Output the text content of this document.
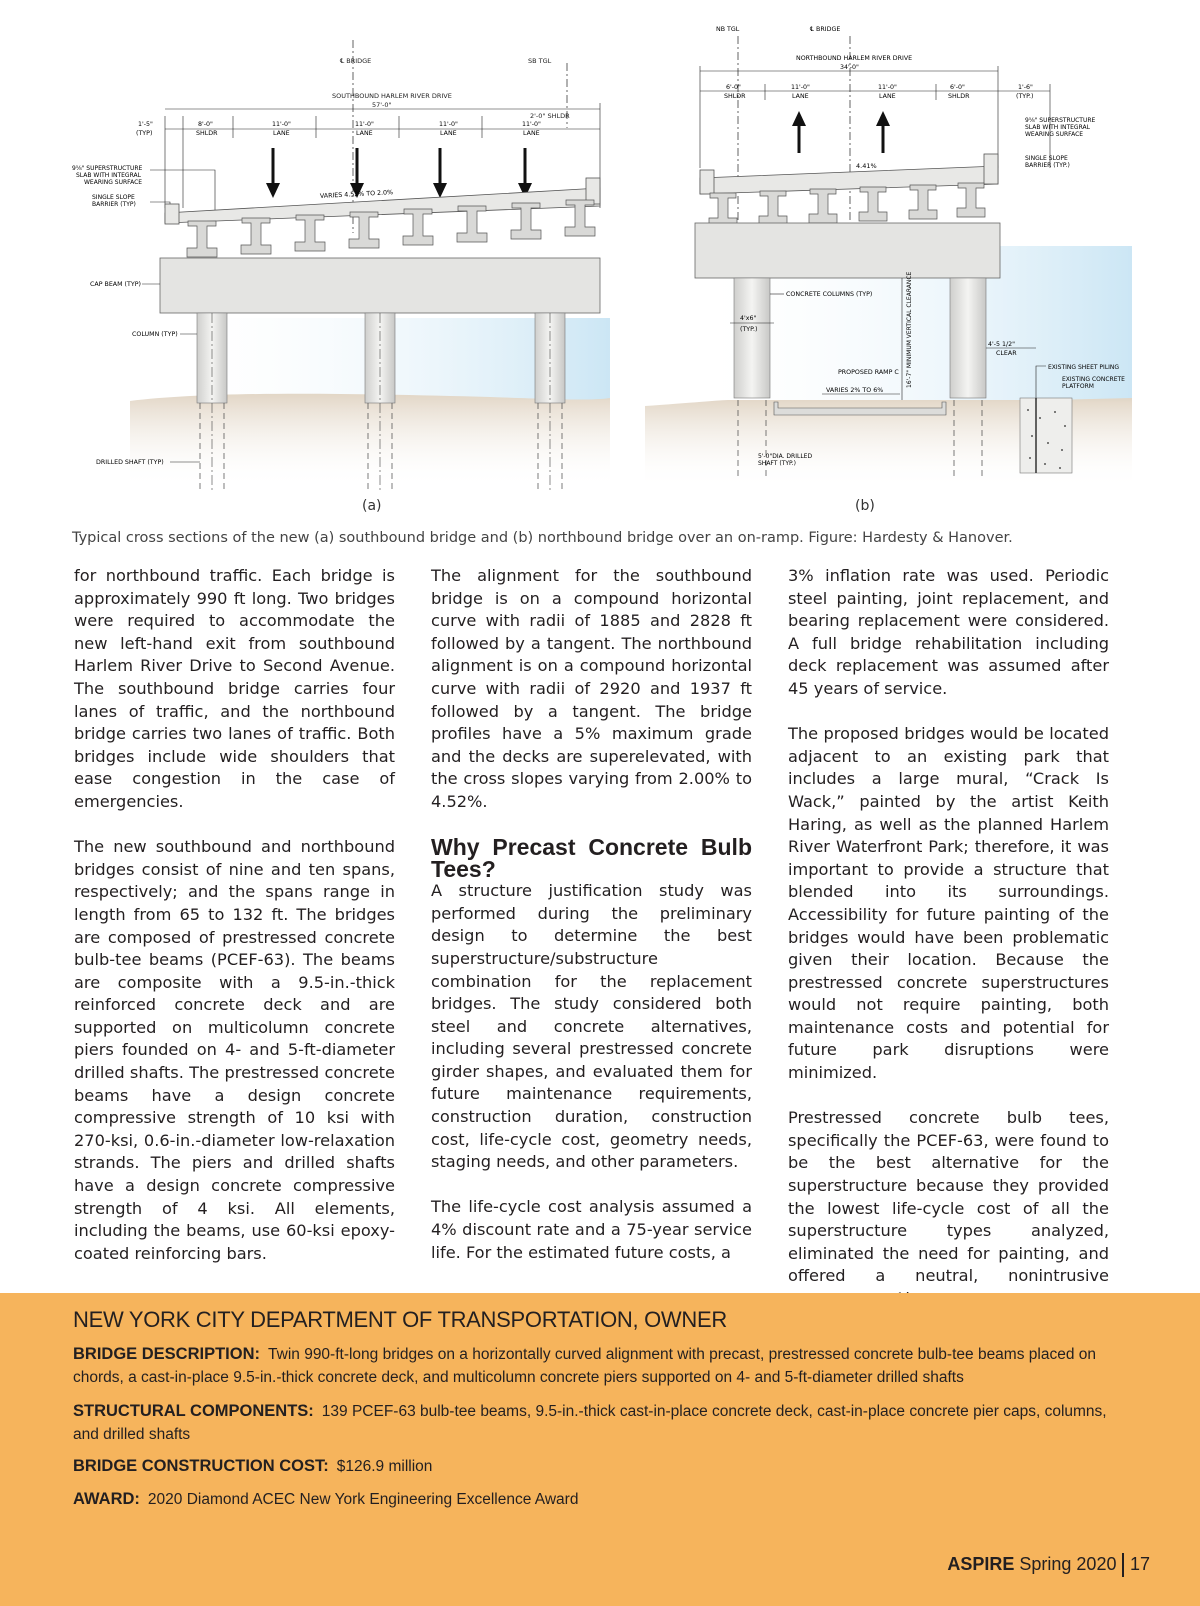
℄ BRIDGE	SB TGL
SOUTHBOUND HARLEM RIVER DRIVE
57'-0"
2'-0" SHLDR
1'-5"
(TYP)
8'-0"
SHLDR
11'-0"
LANE
11'-0"
LANE
11'-0"
LANE
11'-0"
LANE
9⅝" SUPERSTRUCTURE
SLAB WITH INTEGRAL
WEARING SURFACE
SINGLE SLOPE
BARRIER (TYP)
VARIES 4.52% TO 2.0%
CAP BEAM (TYP)
COLUMN (TYP)
DRILLED SHAFT (TYP)
NB TGL	℄ BRIDGE
NORTHBOUND HARLEM RIVER DRIVE
34'-0"
6'-0"
SHLDR
11'-0"
LANE
11'-0"
LANE
6'-0"
SHLDR
1'-6"
(TYP.)
4.41%
9⅝" SUPERSTRUCTURE
SLAB WITH INTEGRAL
WEARING SURFACE
SINGLE SLOPE
BARRIER (TYP.)
CONCRETE COLUMNS (TYP)
4'x6"
(TYP.)	16'-7" MINIMUM VERTICAL CLEARANCE	4'-5 1/2"
CLEAR
PROPOSED RAMP C
VARIES 2% TO 6%
EXISTING SHEET PILING
EXISTING CONCRETE
PLATFORM
5'-0"DIA. DRILLED
SHAFT (TYP.)
(a)	(b)
Typical cross sections of the new (a) southbound bridge and (b) northbound bridge over an on-ramp. Figure: Hardesty & Hanover.

for northbound traffic. Each bridge is approximately 990 ft long. Two bridges were required to accommodate the new left-hand exit from southbound Harlem River Drive to Second Avenue. The southbound bridge carries four lanes of traffic, and the northbound bridge carries two lanes of traffic. Both bridges include wide shoulders that ease congestion in the case of emergencies.

The new southbound and northbound bridges consist of nine and ten spans, respectively; and the spans range in length from 65 to 132 ft. The bridges are composed of prestressed concrete bulb-tee beams (PCEF-63). The beams are composite with a 9.5-in.-thick reinforced concrete deck and are supported on multicolumn concrete piers founded on 4- and 5-ft-diameter drilled shafts. The prestressed concrete beams have a design concrete compressive strength of 10 ksi with 270-ksi, 0.6-in.-diameter low-relaxation strands. The piers and drilled shafts have a design concrete compressive strength of 4 ksi. All elements, including the beams, use 60-ksi epoxy-coated reinforcing bars.

The alignment for the southbound bridge is on a compound horizontal curve with radii of 1885 and 2828 ft followed by a tangent. The northbound alignment is on a compound horizontal curve with radii of 2920 and 1937 ft followed by a tangent. The bridge profiles have a 5% maximum grade and the decks are superelevated, with the cross slopes varying from 2.00% to 4.52%.

Why Precast Concrete Bulb Tees?

A structure justification study was performed during the preliminary design to determine the best superstructure/substructure combination for the replacement bridges. The study considered both steel and concrete alternatives, including several prestressed concrete girder shapes, and evaluated them for future maintenance requirements, construction duration, construction cost, life-cycle cost, geometry needs, staging needs, and other parameters.

The life-cycle cost analysis assumed a 4% discount rate and a 75-year service life. For the estimated future costs, a

3% inflation rate was used. Periodic steel painting, joint replacement, and bearing replacement were considered. A full bridge rehabilitation including deck replacement was assumed after 45 years of service.

The proposed bridges would be located adjacent to an existing park that includes a large mural, “Crack Is Wack,” painted by the artist Keith Haring, as well as the planned Harlem River Waterfront Park; therefore, it was important to provide a structure that blended into its surroundings. Accessibility for future painting of the bridges would have been problematic given their location. Because the prestressed concrete superstructures would not require painting, both maintenance costs and potential for future park disruptions were minimized.

Prestressed concrete bulb tees, specifically the PCEF-63, were found to be the best alternative for the superstructure because they provided the lowest life-cycle cost of all the superstructure types analyzed, eliminated the need for painting, and offered a neutral, nonintrusive

NEW YORK CITY DEPARTMENT OF TRANSPORTATION, OWNER
BRIDGE DESCRIPTION: Twin 990-ft-long bridges on a horizontally curved alignment with precast, prestressed concrete bulb-tee beams placed on chords, a cast-in-place 9.5-in.-thick concrete deck, and multicolumn concrete piers supported on 4- and 5-ft-diameter drilled shafts
STRUCTURAL COMPONENTS: 139 PCEF-63 bulb-tee beams, 9.5-in.-thick cast-in-place concrete deck, cast-in-place concrete pier caps, columns, and drilled shafts
BRIDGE CONSTRUCTION COST: $126.9 million
AWARD: 2020 Diamond ACEC New York Engineering Excellence Award
ASPIRE Spring 2020 17
